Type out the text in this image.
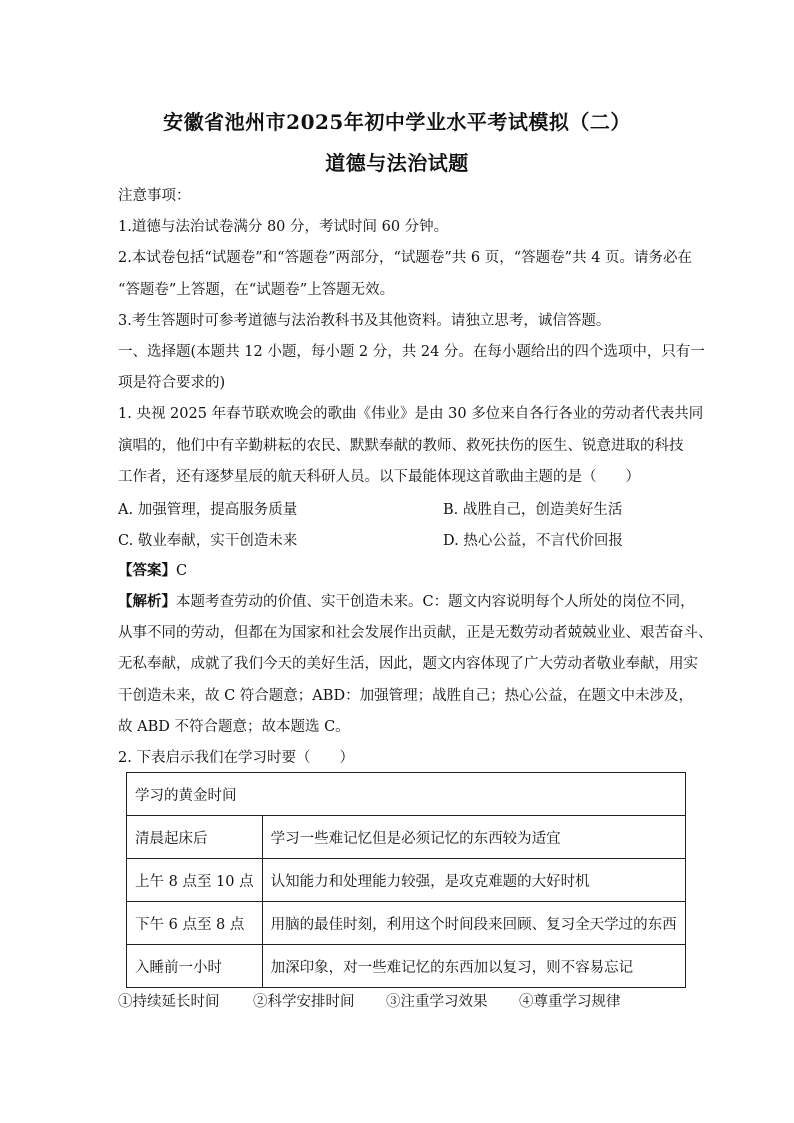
安徽省池州市2025年初中学业水平考试模拟（二）
道德与法治试题
注意事项：
1.道德与法治试卷满分 80 分，考试时间 60 分钟。
2.本试卷包括“试题卷”和“答题卷”两部分，“试题卷”共 6 页，“答题卷”共 4 页。请务必在
“答题卷”上答题，在“试题卷”上答题无效。
3.考生答题时可参考道德与法治教科书及其他资料。请独立思考，诚信答题。
一、选择题(本题共 12 小题，每小题 2 分，共 24 分。在每小题给出的四个选项中，只有一
项是符合要求的)
1. 央视 2025 年春节联欢晚会的歌曲《伟业》是由 30 多位来自各行各业的劳动者代表共同
演唱的，他们中有辛勤耕耘的农民、默默奉献的教师、救死扶伤的医生、锐意进取的科技
工作者，还有逐梦星辰的航天科研人员。以下最能体现这首歌曲主题的是（　　）
A. 加强管理，提高服务质量	B. 战胜自己，创造美好生活
C. 敬业奉献，实干创造未来	D. 热心公益，不言代价回报
【答案】C
【解析】本题考查劳动的价值、实干创造未来。C：题文内容说明每个人所处的岗位不同，
从事不同的劳动，但都在为国家和社会发展作出贡献，正是无数劳动者兢兢业业、艰苦奋斗、
无私奉献，成就了我们今天的美好生活，因此，题文内容体现了广大劳动者敬业奉献，用实
干创造未来，故 C 符合题意；ABD：加强管理；战胜自己；热心公益，在题文中未涉及，
故 ABD 不符合题意；故本题选 C。
2. 下表启示我们在学习时要（　　）
学习的黄金时间	
清晨起床后	学习一些难记忆但是必须记忆的东西较为适宜
上午 8 点至 10 点	认知能力和处理能力较强，是攻克难题的大好时机
下午 6 点至 8 点	用脑的最佳时刻，利用这个时间段来回顾、复习全天学过的东西
入睡前一小时	加深印象，对一些难记忆的东西加以复习，则不容易忘记
①持续延长时间 ②科学安排时间 ③注重学习效果 ④尊重学习规律
